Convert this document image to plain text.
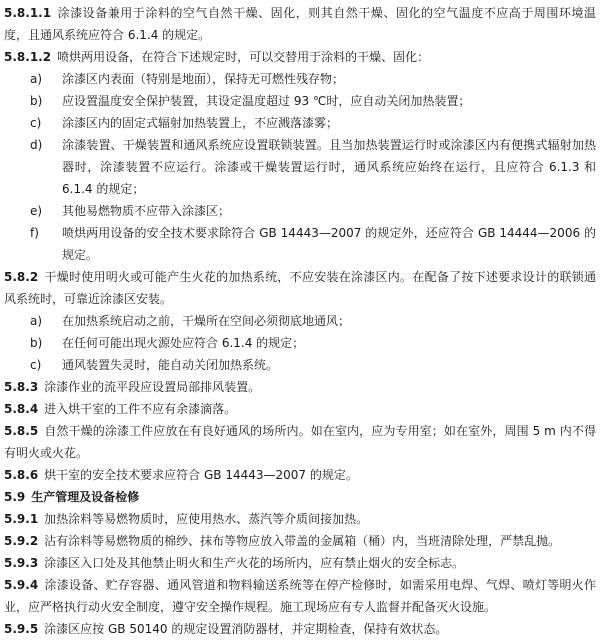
5.8.1.1 涂漆设备兼用于涂料的空气自然干燥、固化，则其自然干燥、固化的空气温度不应高于周围环境温度，且通风系统应符合 6.1.4 的规定。

5.8.1.2 喷烘两用设备，在符合下述规定时，可以交替用于涂料的干燥、固化：

a)	涂漆区内表面（特别是地面），保持无可燃性残存物；
b)	应设置温度安全保护装置，其设定温度超过 93 ℃时，应自动关闭加热装置；
c)	涂漆区内的固定式辐射加热装置上，不应溅落漆雾；
d)	涂漆装置、干燥装置和通风系统应设置联锁装置。且当加热装置运行时或涂漆区内有便携式辐射加热器时，涂漆装置不应运行。涂漆或干燥装置运行时，通风系统应始终在运行，且应符合 6.1.3 和 6.1.4 的规定；
e)	其他易燃物质不应带入涂漆区；
f)	喷烘两用设备的安全技术要求除符合 GB 14443—2007 的规定外，还应符合 GB 14444—2006 的规定。

5.8.2 干燥时使用明火或可能产生火花的加热系统，不应安装在涂漆区内。在配备了按下述要求设计的联锁通风系统时，可靠近涂漆区安装。

a)	在加热系统启动之前，干燥所在空间必须彻底地通风；
b)	在任何可能出现火源处应符合 6.1.4 的规定；
c)	通风装置失灵时，能自动关闭加热系统。

5.8.3 涂漆作业的流平段应设置局部排风装置。

5.8.4 进入烘干室的工件不应有余漆滴落。

5.8.5 自然干燥的涂漆工件应放在有良好通风的场所内。如在室内，应为专用室；如在室外，周围 5 m 内不得有明火或火花。

5.8.6 烘干室的安全技术要求应符合 GB 14443—2007 的规定。

5.9 生产管理及设备检修

5.9.1 加热涂料等易燃物质时，应使用热水、蒸汽等介质间接加热。

5.9.2 沾有涂料等易燃物质的棉纱、抹布等物应放入带盖的金属箱（桶）内，当班清除处理，严禁乱抛。

5.9.3 涂漆区入口处及其他禁止明火和生产火花的场所内，应有禁止烟火的安全标志。

5.9.4 涂漆设备、贮存容器、通风管道和物料输送系统等在停产检修时，如需采用电焊、气焊、喷灯等明火作业，应严格执行动火安全制度，遵守安全操作规程。施工现场应有专人监督并配备灭火设施。

5.9.5 涂漆区应按 GB 50140 的规定设置消防器材，并定期检查，保持有效状态。
